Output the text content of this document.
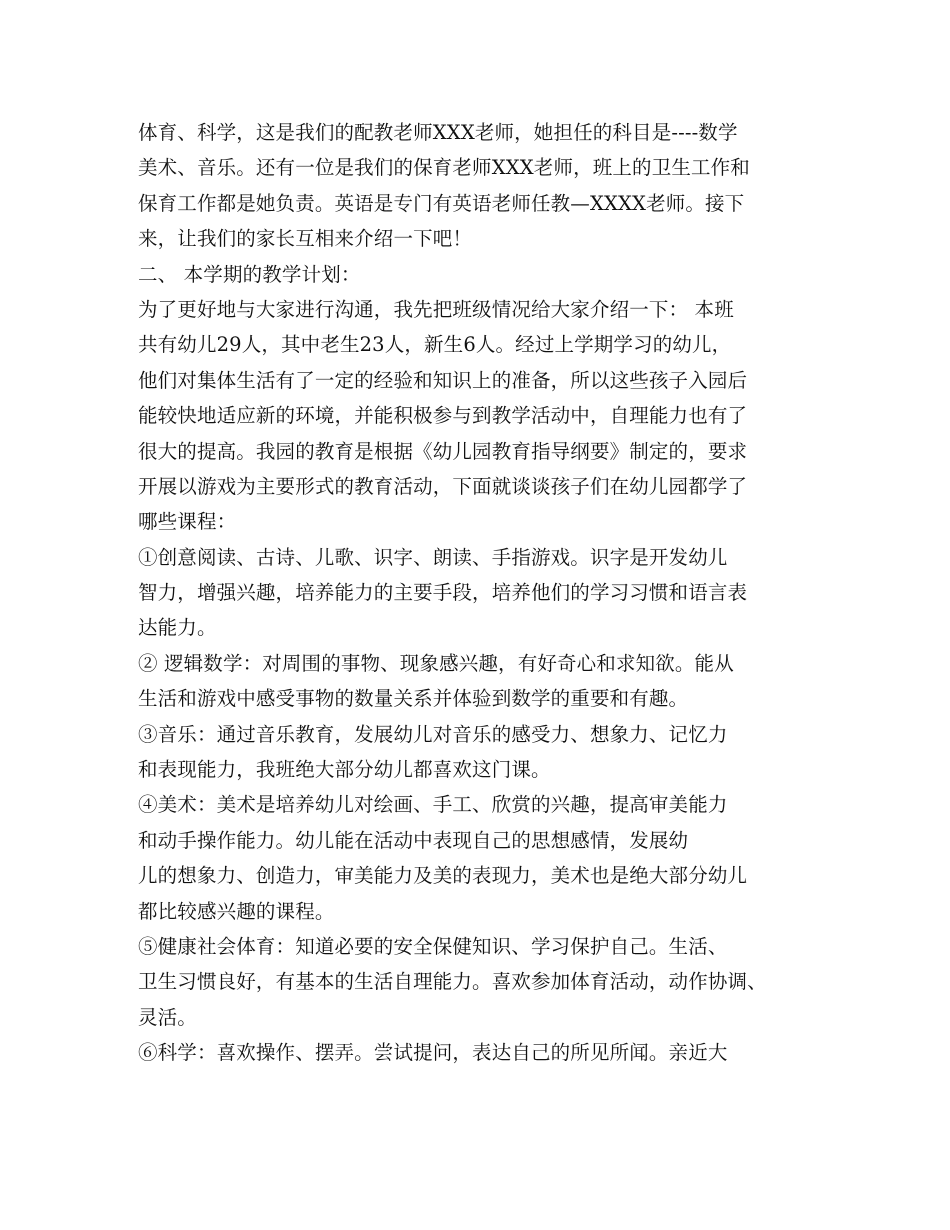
体育、科学，这是我们的配教老师XXX老师，她担任的科目是----数学
美术、音乐。还有一位是我们的保育老师XXX老师，班上的卫生工作和
保育工作都是她负责。英语是专门有英语老师任教—XXXX老师。接下
来，让我们的家长互相来介绍一下吧！
二、 本学期的教学计划：
为了更好地与大家进行沟通，我先把班级情况给大家介绍一下： 本班
共有幼儿29人，其中老生23人，新生6人。经过上学期学习的幼儿，
他们对集体生活有了一定的经验和知识上的准备，所以这些孩子入园后
能较快地适应新的环境，并能积极参与到教学活动中，自理能力也有了
很大的提高。我园的教育是根据《幼儿园教育指导纲要》制定的，要求
开展以游戏为主要形式的教育活动，下面就谈谈孩子们在幼儿园都学了
哪些课程：
①创意阅读、古诗、儿歌、识字、朗读、手指游戏。识字是开发幼儿
智力，增强兴趣，培养能力的主要手段，培养他们的学习习惯和语言表
达能力。
② 逻辑数学：对周围的事物、现象感兴趣，有好奇心和求知欲。能从
生活和游戏中感受事物的数量关系并体验到数学的重要和有趣。
③音乐：通过音乐教育，发展幼儿对音乐的感受力、想象力、记忆力
和表现能力，我班绝大部分幼儿都喜欢这门课。
④美术：美术是培养幼儿对绘画、手工、欣赏的兴趣，提高审美能力
和动手操作能力。幼儿能在活动中表现自己的思想感情，发展幼
儿的想象力、创造力，审美能力及美的表现力，美术也是绝大部分幼儿
都比较感兴趣的课程。
⑤健康社会体育：知道必要的安全保健知识、学习保护自己。生活、
卫生习惯良好，有基本的生活自理能力。喜欢参加体育活动，动作协调、
灵活。
⑥科学：喜欢操作、摆弄。尝试提问，表达自己的所见所闻。亲近大
